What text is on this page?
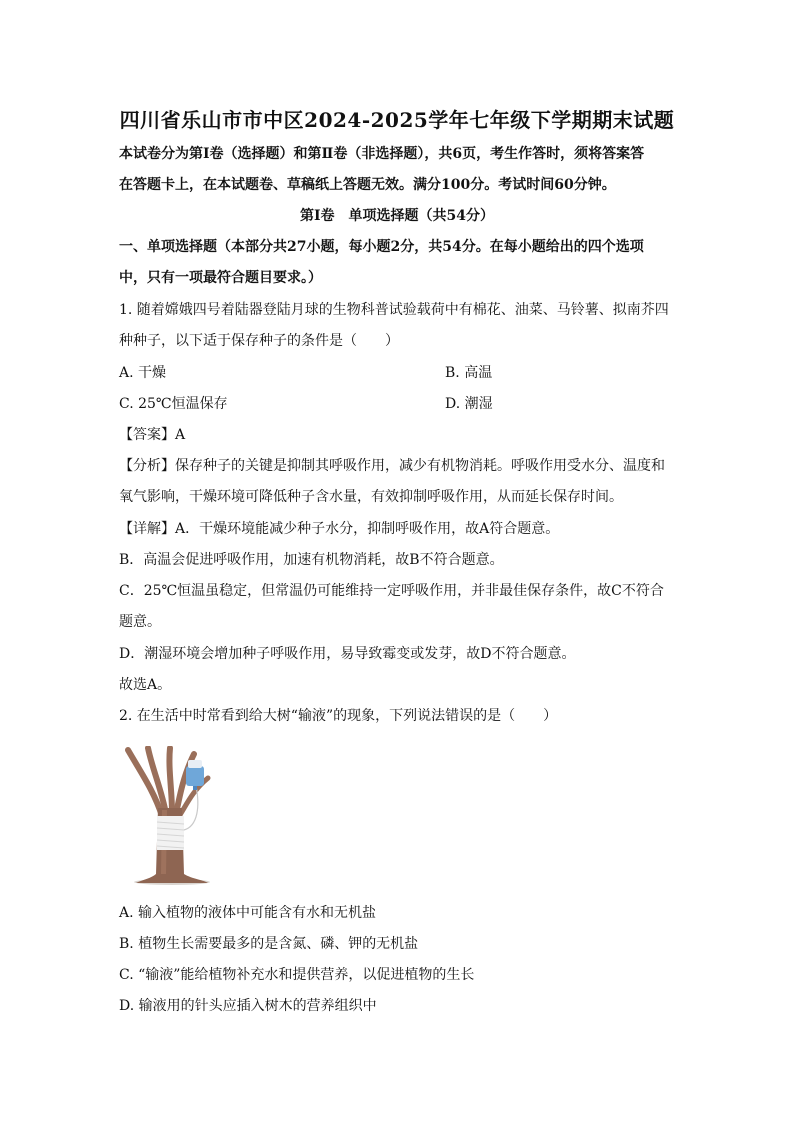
四川省乐山市市中区2024-2025学年七年级下学期期末试题
本试卷分为第Ⅰ卷（选择题）和第Ⅱ卷（非选择题），共6页，考生作答时，须将答案答
在答题卡上，在本试题卷、草稿纸上答题无效。满分100分。考试时间60分钟。
第Ⅰ卷　单项选择题（共54分）
一、单项选择题（本部分共27小题，每小题2分，共54分。在每小题给出的四个选项
中，只有一项最符合题目要求。）
1. 随着嫦娥四号着陆器登陆月球的生物科普试验载荷中有棉花、油菜、马铃薯、拟南芥四
种种子，以下适于保存种子的条件是（　　）
A. 干燥	B. 高温
C. 25℃恒温保存	D. 潮湿
【答案】A
【分析】保存种子的关键是抑制其呼吸作用，减少有机物消耗。呼吸作用受水分、温度和
氧气影响，干燥环境可降低种子含水量，有效抑制呼吸作用，从而延长保存时间。
【详解】A．干燥环境能减少种子水分，抑制呼吸作用，故A符合题意。
B．高温会促进呼吸作用，加速有机物消耗，故B不符合题意。
C．25℃恒温虽稳定，但常温仍可能维持一定呼吸作用，并非最佳保存条件，故C不符合
题意。
D．潮湿环境会增加种子呼吸作用，易导致霉变或发芽，故D不符合题意。
故选A。
2. 在生活中时常看到给大树“输液”的现象，下列说法错误的是（　　）
A. 输入植物的液体中可能含有水和无机盐
B. 植物生长需要最多的是含氮、磷、钾的无机盐
C. “输液”能给植物补充水和提供营养，以促进植物的生长
D. 输液用的针头应插入树木的营养组织中
